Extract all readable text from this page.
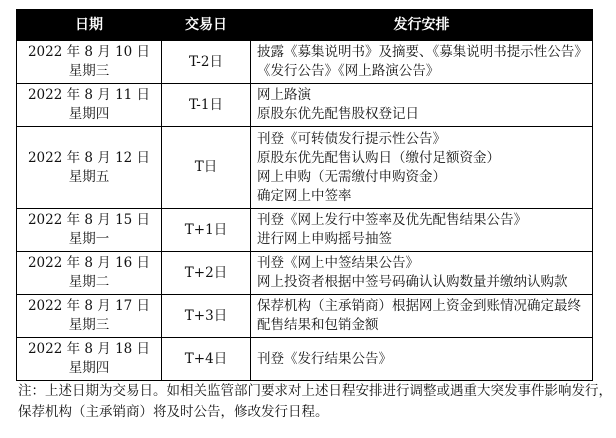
日期	交易日	发行安排

2022 年 8 月 10 日
星期三	T-2日	披露《募集说明书》及摘要、《募集说明书提示性公告》
《发行公告》《网上路演公告》

2022 年 8 月 11 日
星期四	T-1日	网上路演
原股东优先配售股权登记日

2022 年 8 月 12 日
星期五	T日	刊登《可转债发行提示性公告》
原股东优先配售认购日（缴付足额资金）
网上申购（无需缴付申购资金）
确定网上中签率

2022 年 8 月 15 日
星期一	T+1日	刊登《网上发行中签率及优先配售结果公告》
进行网上申购摇号抽签

2022 年 8 月 16 日
星期二	T+2日	刊登《网上中签结果公告》
网上投资者根据中签号码确认认购数量并缴纳认购款

2022 年 8 月 17 日
星期三	T+3日	保荐机构（主承销商）根据网上资金到账情况确定最终
配售结果和包销金额

2022 年 8 月 18 日
星期四	T+4日	刊登《发行结果公告》

注：上述日期为交易日。如相关监管部门要求对上述日程安排进行调整或遇重大突发事件影响发行，
保荐机构（主承销商）将及时公告，修改发行日程。
